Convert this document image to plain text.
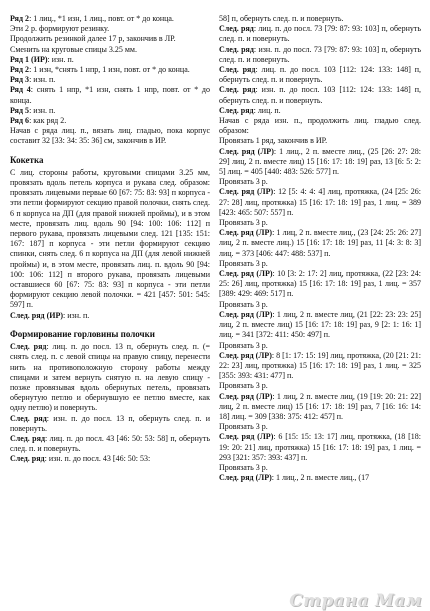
Ряд 2: 1 лиц., *1 изн, 1 лиц., повт. от * до конца.

Эти 2 р. формируют резинку.

Продолжить резинкой далее 17 р, закончив в ЛР.

Сменить на круговые спицы 3.25 мм.

Ряд 1 (ИР): изн. п.

Ряд 2: 1 изн, *снять 1 нпр, 1 изн, повт. от * до конца.

Ряд 3: изн. п.

Ряд 4: снять 1 нпр, *1 изн, снять 1 нпр, повт. от * до конца.

Ряд 5: изн. п.

Ряд 6: как ряд 2.

Начав с ряда лиц. п., вязать лиц. гладью, пока корпус составит 32 [33: 34: 35: 36] см, закончив в ИР.

Кокетка

С лиц. стороны работы, круговыми спицами 3.25 мм, провязать вдоль петель корпуса и рукава след. образом: провязать лицевыми первые 60 [67: 75: 83: 93] п корпуса - эти петли формируют секцию правой полочки, снять след. 6 п корпуса на ДП (для правой нижней проймы), и в этом месте, провязать лиц. вдоль 90 [94: 100: 106: 112] п первого рукава, провязать лицевыми след. 121 [135: 151: 167: 187] п корпуса - эти петли формируют секцию спинки, снять след. 6 п корпуса на ДП (для левой нижней проймы) и, в этом месте, провязать лиц. п. вдоль 90 [94: 100: 106: 112] п второго рукава, провязать лицевыми оставшиеся 60 [67: 75: 83: 93] п корпуса - эти петли формируют секцию левой полочки. = 421 [457: 501: 545: 597] п.

След. ряд (ИР): изн. п.

Формирование горловины полочки

След. ряд: лиц. п. до посл. 13 п, обернуть след. п. (= снять след. п. с левой спицы на правую спицу, перенести нить на противоположную сторону работы между спицами и затем вернуть снятую п. на левую спицу - позже провязывая вдоль обернутых петель, провязать обернутую петлю и обернувшую ее петлю вместе, как одну петлю) и повернуть.

След. ряд: изн. п. до посл. 13 п, обернуть след. п. и повернуть.

След. ряд: лиц. п. до посл. 43 [46: 50: 53: 58] п, обернуть след. п. и повернуть.

След. ряд: изн. п. до посл. 43 [46: 50: 53:

58] п, обернуть след. п. и повернуть.

След. ряд: лиц. п. до посл. 73 [79: 87: 93: 103] п, обернуть след. п. и повернуть.

След. ряд: изн. п. до посл. 73 [79: 87: 93: 103] п, обернуть след. п. и повернуть.

След. ряд: лиц. п. до посл. 103 [112: 124: 133: 148] п, обернуть след. п. и повернуть.

След. ряд: изн. п. до посл. 103 [112: 124: 133: 148] п, обернуть след. п. и повернуть.

След. ряд: лиц. п.

Начав с ряда изн. п., продолжить лиц. гладью след. образом:

Провязать 1 ряд, закончив в ИР.

След. ряд (ЛР): 1 лиц., 2 п. вместе лиц., (25 [26: 27: 28: 29] лиц, 2 п. вместе лиц) 15 [16: 17: 18: 19] раз, 13 [6: 5: 2: 5] лиц. = 405 [440: 483: 526: 577] п.

Провязать 3 р.

След. ряд (ЛР): 12 [5: 4: 4: 4] лиц, протяжка, (24 [25: 26: 27: 28] лиц, протяжка) 15 [16: 17: 18: 19] раз, 1 лиц. = 389 [423: 465: 507: 557] п.

Провязать 3 р.

След. ряд (ЛР): 1 лиц, 2 п. вместе лиц., (23 [24: 25: 26: 27] лиц, 2 п. вместе лиц.) 15 [16: 17: 18: 19] раз, 11 [4: 3: 8: 3] лиц. = 373 [406: 447: 488: 537] п.

Провязать 3 р.

След. ряд (ЛР): 10 [3: 2: 17: 2] лиц, протяжка, (22 [23: 24: 25: 26] лиц, протяжка) 15 [16: 17: 18: 19] раз, 1 лиц. = 357 [389: 429: 469: 517] п.

Провязать 3 р.

След. ряд (ЛР): 1 лиц, 2 п. вместе лиц, (21 [22: 23: 23: 25] лиц, 2 п. вместе лиц) 15 [16: 17: 18: 19] раз, 9 [2: 1: 16: 1] лиц. = 341 [372: 411: 450: 497] п.

Провязать 3 р.

След. ряд (ЛР): 8 [1: 17: 15: 19] лиц, протяжка, (20 [21: 21: 22: 23] лиц, протяжка) 15 [16: 17: 18: 19] раз, 1 лиц. = 325 [355: 393: 431: 477] п.

Провязать 3 р.

След. ряд (ЛР): 1 лиц, 2 п. вместе лиц, (19 [19: 20: 21: 22] лиц, 2 п. вместе лиц) 15 [16: 17: 18: 19] раз, 7 [16: 16: 14: 18] лиц. = 309 [338: 375: 412: 457] п.

Провязать 3 р.

След. ряд (ЛР): 6 [15: 15: 13: 17] лиц, протяжка, (18 [18: 19: 20: 21] лиц, протяжка) 15 [16: 17: 18: 19] раз, 1 лиц. = 293 [321: 357: 393: 437] п.

Провязать 3 р.

След. ряд (ЛР): 1 лиц., 2 п. вместе лиц., (17

Страна Мам
